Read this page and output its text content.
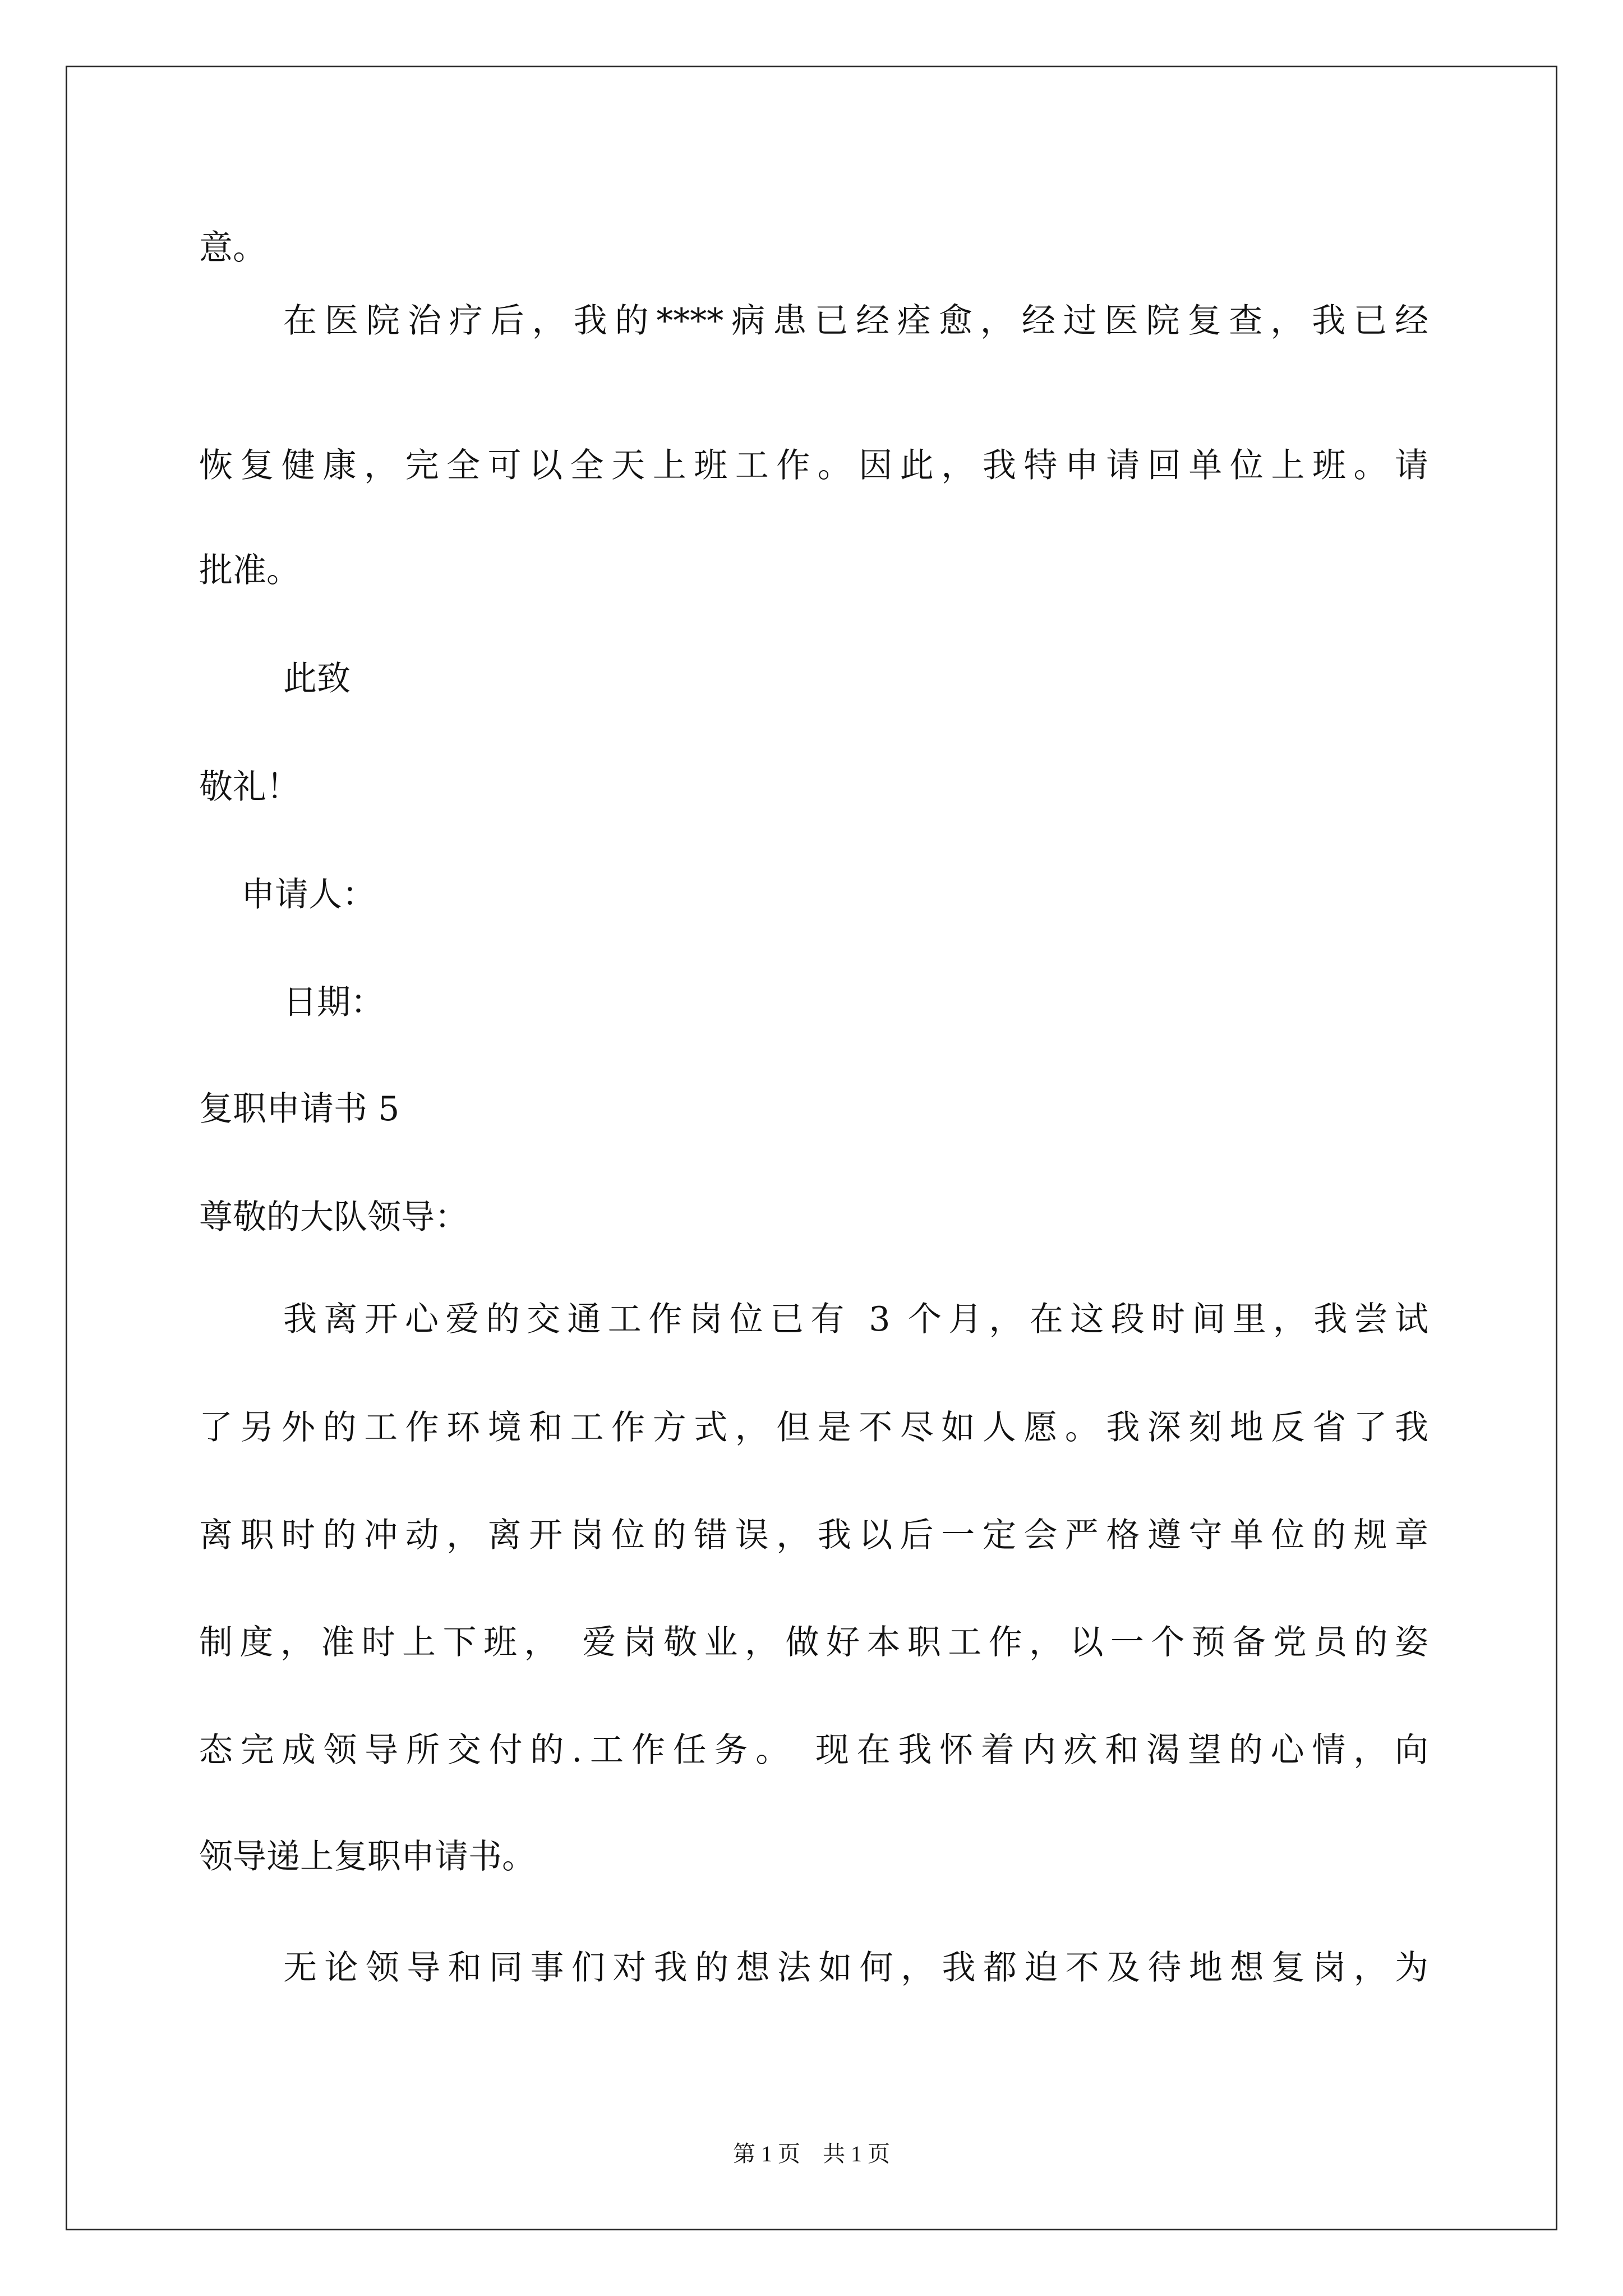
意。
在医院治疗后，我的****病患已经痊愈，经过医院复查，我已经
恢复健康，完全可以全天上班工作。因此，我特申请回单位上班。请
批准。
此致
敬礼！
申请人：
日期：
复职申请书 5
尊敬的大队领导：
我离开心爱的交通工作岗位已有 3 个月，在这段时间里，我尝试
了另外的工作环境和工作方式，但是不尽如人愿。我深刻地反省了我
离职时的冲动，离开岗位的错误，我以后一定会严格遵守单位的规章
制度，准时上下班， 爱岗敬业，做好本职工作，以一个预备党员的姿
态完成领导所交付的.工作任务。 现在我怀着内疚和渴望的心情，向
领导递上复职申请书。
无论领导和同事们对我的想法如何，我都迫不及待地想复岗，为
第 1 页    共 1 页
